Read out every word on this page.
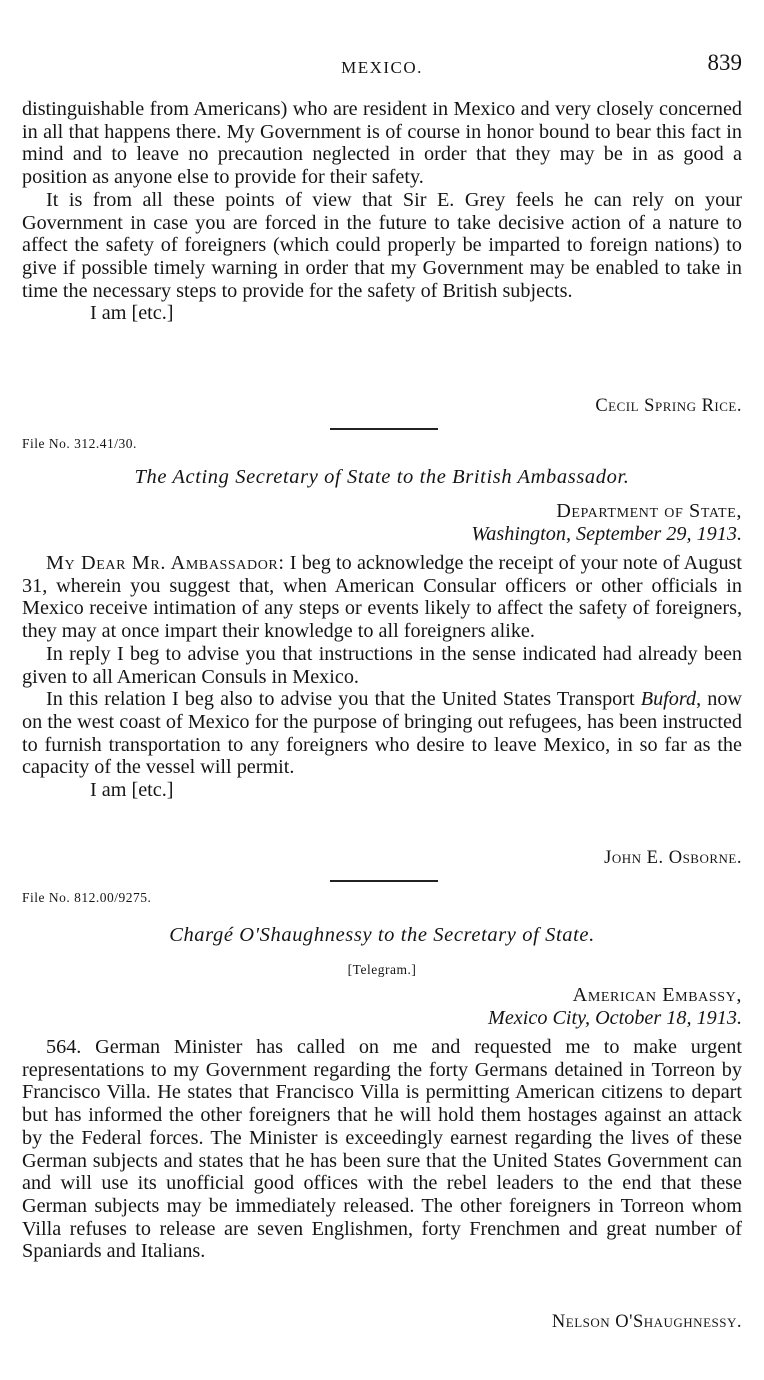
MEXICO.	839

distinguishable from Americans) who are resident in Mexico and very closely concerned in all that happens there. My Government is of course in honor bound to bear this fact in mind and to leave no precaution neglected in order that they may be in as good a position as anyone else to provide for their safety.

It is from all these points of view that Sir E. Grey feels he can rely on your Government in case you are forced in the future to take decisive action of a nature to affect the safety of foreigners (which could properly be imparted to foreign nations) to give if possible timely warning in order that my Government may be enabled to take in time the necessary steps to provide for the safety of British subjects.

I am [etc.]

Cecil Spring Rice.
File No. 312.41/30.
The Acting Secretary of State to the British Ambassador.
Department of State,
Washington, September 29, 1913.

My Dear Mr. Ambassador: I beg to acknowledge the receipt of your note of August 31, wherein you suggest that, when American Consular officers or other officials in Mexico receive intimation of any steps or events likely to affect the safety of foreigners, they may at once impart their knowledge to all foreigners alike.

In reply I beg to advise you that instructions in the sense indicated had already been given to all American Consuls in Mexico.

In this relation I beg also to advise you that the United States Transport Buford, now on the west coast of Mexico for the purpose of bringing out refugees, has been instructed to furnish transportation to any foreigners who desire to leave Mexico, in so far as the capacity of the vessel will permit.

I am [etc.]

John E. Osborne.
File No. 812.00/9275.
Chargé O'Shaughnessy to the Secretary of State.
[Telegram.]
American Embassy,
Mexico City, October 18, 1913.

564. German Minister has called on me and requested me to make urgent representations to my Government regarding the forty Germans detained in Torreon by Francisco Villa. He states that Francisco Villa is permitting American citizens to depart but has informed the other foreigners that he will hold them hostages against an attack by the Federal forces. The Minister is exceedingly earnest regarding the lives of these German subjects and states that he has been sure that the United States Government can and will use its unofficial good offices with the rebel leaders to the end that these German subjects may be immediately released. The other foreigners in Torreon whom Villa refuses to release are seven Englishmen, forty Frenchmen and great number of Spaniards and Italians.

Nelson O'Shaughnessy.
